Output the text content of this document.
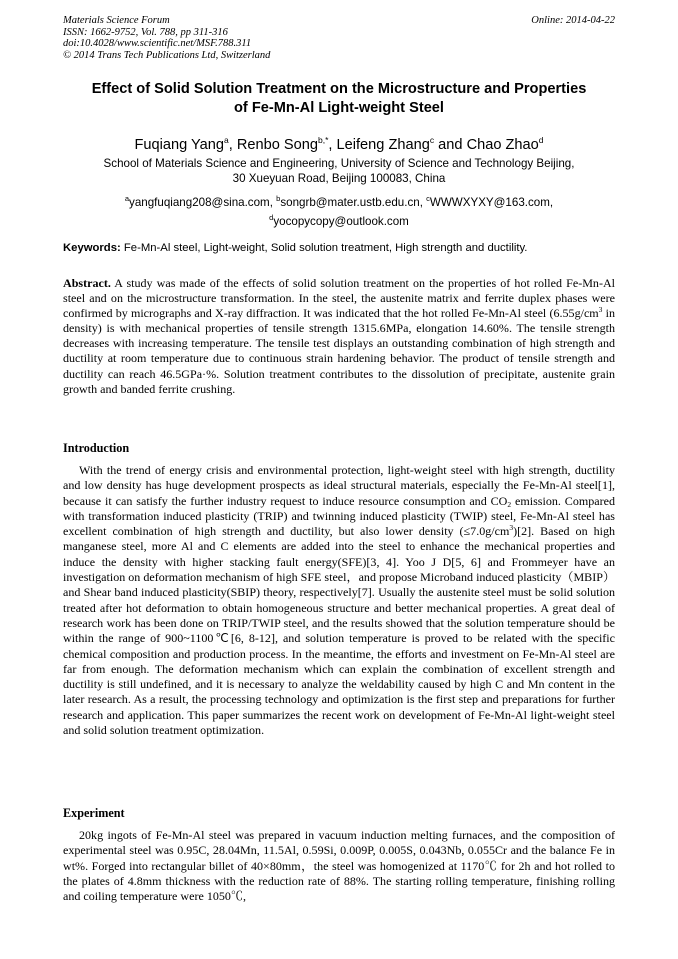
Materials Science Forum
ISSN: 1662-9752, Vol. 788, pp 311-316
doi:10.4028/www.scientific.net/MSF.788.311
© 2014 Trans Tech Publications Ltd, Switzerland
Online: 2014-04-22
Effect of Solid Solution Treatment on the Microstructure and Properties
of Fe-Mn-Al Light-weight Steel
Fuqiang Yang$^a$, Renbo Song$^{b,*}$, Leifeng Zhang$^c$ and Chao Zhao$^d$
School of Materials Science and Engineering, University of Science and Technology Beijing,
30 Xueyuan Road, Beijing 100083, China
$^a$yangfuqiang208@sina.com, $^b$songrb@mater.ustb.edu.cn, $^c$WWWXYXY@163.com,
$^d$yocopycopy@outlook.com
Keywords: Fe-Mn-Al steel, Light-weight, Solid solution treatment, High strength and ductility.

Abstract. A study was made of the effects of solid solution treatment on the properties of hot rolled Fe-Mn-Al steel and on the microstructure transformation. In the steel, the austenite matrix and ferrite duplex phases were confirmed by micrographs and X-ray diffraction. It was indicated that the hot rolled Fe-Mn-Al steel ($6.55g/cm^3$ in density) is with mechanical properties of tensile strength 1315.6MPa, elongation 14.60%. The tensile strength decreases with increasing temperature. The tensile test displays an outstanding combination of high strength and ductility at room temperature due to continuous strain hardening behavior. The product of tensile strength and ductility can reach 46.5GPa·%. Solution treatment contributes to the dissolution of precipitate, austenite grain growth and banded ferrite crushing.

Introduction

With the trend of energy crisis and environmental protection, light-weight steel with high strength, ductility and low density has huge development prospects as ideal structural materials, especially the Fe-Mn-Al steel[1], because it can satisfy the further industry request to induce resource consumption and $CO_2$ emission. Compared with transformation induced plasticity (TRIP) and twinning induced plasticity (TWIP) steel, Fe-Mn-Al steel has excellent combination of high strength and ductility, but also lower density $(\le 7.0g/cm^3)[2]$. Based on high manganese steel, more Al and C elements are added into the steel to enhance the mechanical properties and induce the density with higher stacking fault energy(SFE)[3, 4]. Yoo J D[5, 6] and Frommeyer have an investigation on deformation mechanism of high SFE steel，and propose Microband induced plasticity（MBIP）and Shear band induced plasticity(SBIP) theory, respectively[7]. Usually the austenite steel must be solid solution treated after hot deformation to obtain homogeneous structure and better mechanical properties. A great deal of research work has been done on TRIP/TWIP steel, and the results showed that the solution temperature should be within the range of 900~1100℃[6, 8-12], and solution temperature is proved to be related with the specific chemical composition and production process. In the meantime, the efforts and investment on Fe-Mn-Al steel are far from enough. The deformation mechanism which can explain the combination of excellent strength and ductility is still undefined, and it is necessary to analyze the weldability caused by high C and Mn content in the later research. As a result, the processing technology and optimization is the first step and preparations for further research and application. This paper summarizes the recent work on development of Fe-Mn-Al light-weight steel and solid solution treatment optimization.

Experiment

20kg ingots of Fe-Mn-Al steel was prepared in vacuum induction melting furnaces, and the composition of experimental steel was 0.95C, 28.04Mn, 11.5Al, 0.59Si, 0.009P, 0.005S, 0.043Nb, 0.055Cr and the balance Fe in wt%. Forged into rectangular billet of 40×80mm，the steel was homogenized at 1170℃ for 2h and hot rolled to the plates of 4.8mm thickness with the reduction rate of 88%. The starting rolling temperature, finishing rolling and coiling temperature were 1050℃,
